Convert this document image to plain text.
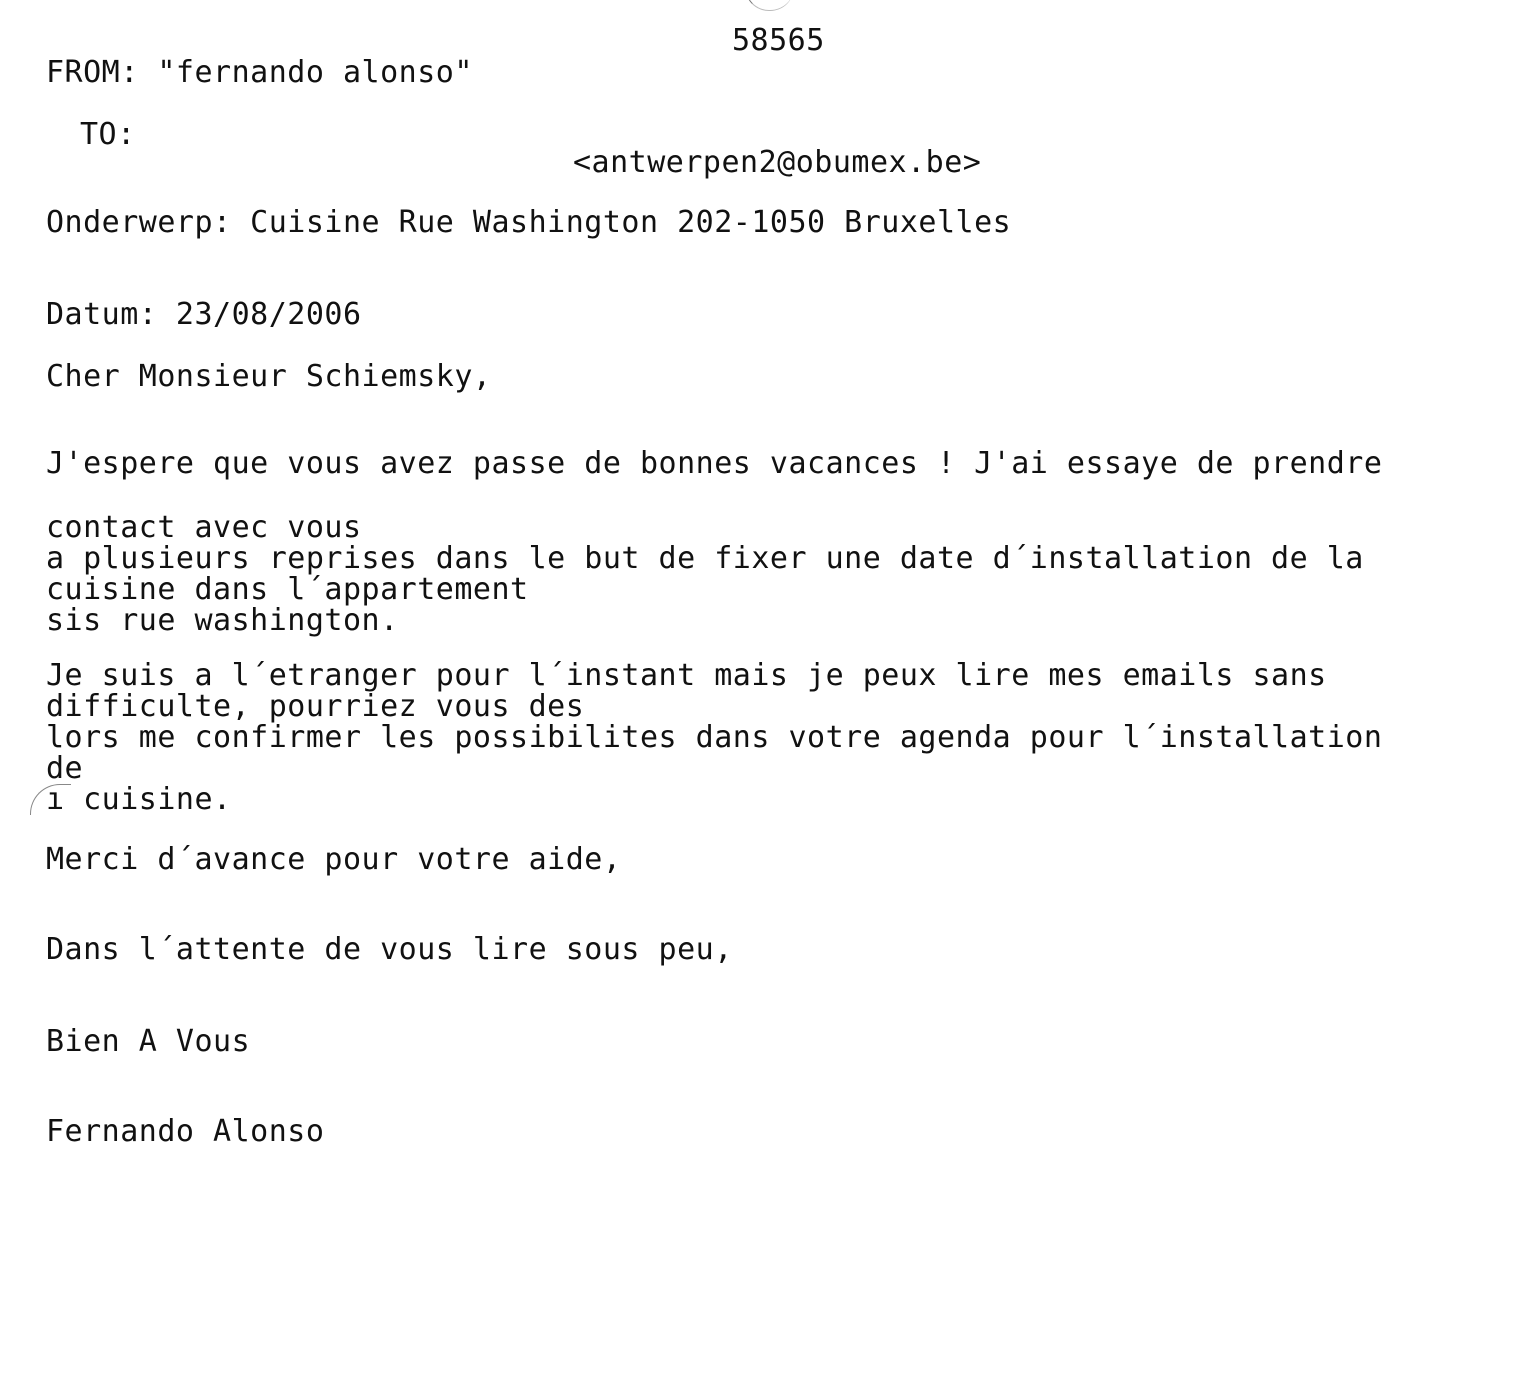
58565
FROM: "fernando alonso"
TO:
<antwerpen2@obumex.be>
Onderwerp: Cuisine Rue Washington 202-1050 Bruxelles
Datum: 23/08/2006
Cher Monsieur Schiemsky,
J'espere que vous avez passe de bonnes vacances ! J'ai essaye de prendre
contact avec vous
a plusieurs reprises dans le but de fixer une date d´installation de la
cuisine dans l´appartement
sis rue washington.
Je suis a l´etranger pour l´instant mais je peux lire mes emails sans
difficulte, pourriez vous des
lors me confirmer les possibilites dans votre agenda pour l´installation
de
ı cuisine.
Merci d´avance pour votre aide,
Dans l´attente de vous lire sous peu,
Bien A Vous
Fernando Alonso
